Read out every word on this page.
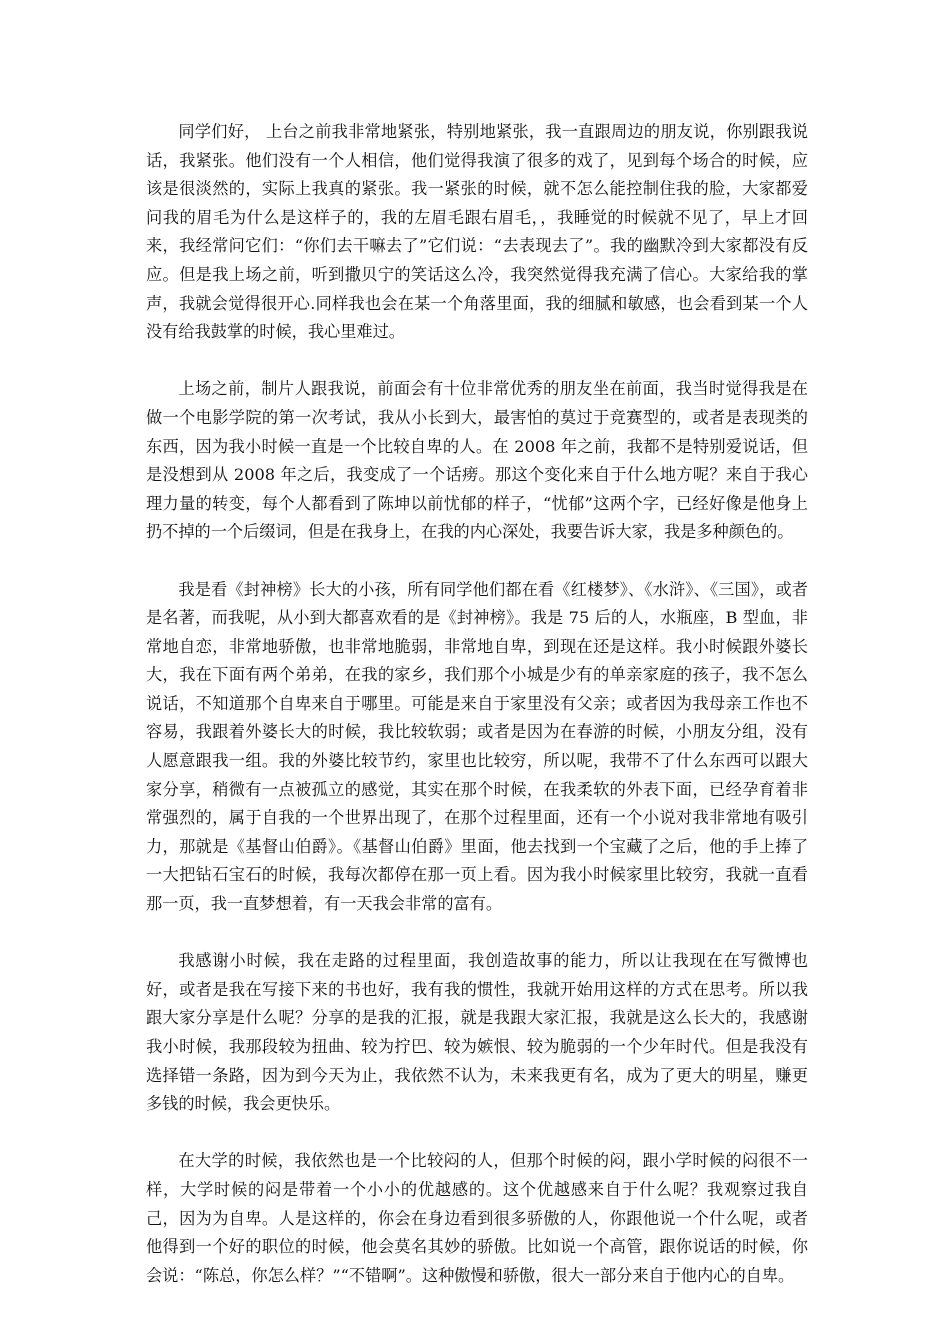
同学们好， 上台之前我非常地紧张，特别地紧张，我一直跟周边的朋友说，你别跟我说话，我紧张。他们没有一个人相信，他们觉得我演了很多的戏了，见到每个场合的时候，应该是很淡然的，实际上我真的紧张。我一紧张的时候，就不怎么能控制住我的脸，大家都爱问我的眉毛为什么是这样子的，我的左眉毛跟右眉毛，，我睡觉的时候就不见了，早上才回来，我经常问它们：“你们去干嘛去了”它们说：“去表现去了”。我的幽默冷到大家都没有反应。但是我上场之前，听到撒贝宁的笑话这么冷，我突然觉得我充满了信心。大家给我的掌声，我就会觉得很开心.同样我也会在某一个角落里面，我的细腻和敏感，也会看到某一个人没有给我鼓掌的时候，我心里难过。

上场之前，制片人跟我说，前面会有十位非常优秀的朋友坐在前面，我当时觉得我是在做一个电影学院的第一次考试，我从小长到大，最害怕的莫过于竞赛型的，或者是表现类的东西，因为我小时候一直是一个比较自卑的人。在 2008 年之前，我都不是特别爱说话，但是没想到从 2008 年之后，我变成了一个话痨。那这个变化来自于什么地方呢？来自于我心理力量的转变，每个人都看到了陈坤以前忧郁的样子，“忧郁”这两个字，已经好像是他身上扔不掉的一个后缀词，但是在我身上，在我的内心深处，我要告诉大家，我是多种颜色的。

我是看《封神榜》长大的小孩，所有同学他们都在看《红楼梦》、《水浒》、《三国》，或者是名著，而我呢，从小到大都喜欢看的是《封神榜》。我是 75 后的人，水瓶座，B 型血，非常地自恋，非常地骄傲，也非常地脆弱，非常地自卑，到现在还是这样。我小时候跟外婆长大，我在下面有两个弟弟，在我的家乡，我们那个小城是少有的单亲家庭的孩子，我不怎么说话，不知道那个自卑来自于哪里。可能是来自于家里没有父亲；或者因为我母亲工作也不容易，我跟着外婆长大的时候，我比较软弱；或者是因为在春游的时候，小朋友分组，没有人愿意跟我一组。我的外婆比较节约，家里也比较穷，所以呢，我带不了什么东西可以跟大家分享，稍微有一点被孤立的感觉，其实在那个时候，在我柔软的外表下面，已经孕育着非常强烈的，属于自我的一个世界出现了，在那个过程里面，还有一个小说对我非常地有吸引力，那就是《基督山伯爵》。《基督山伯爵》里面，他去找到一个宝藏了之后，他的手上捧了一大把钻石宝石的时候，我每次都停在那一页上看。因为我小时候家里比较穷，我就一直看那一页，我一直梦想着，有一天我会非常的富有。

我感谢小时候，我在走路的过程里面，我创造故事的能力，所以让我现在在写微博也好，或者是我在写接下来的书也好，我有我的惯性，我就开始用这样的方式在思考。所以我跟大家分享是什么呢？分享的是我的汇报，就是我跟大家汇报，我就是这么长大的，我感谢我小时候，我那段较为扭曲、较为拧巴、较为嫉恨、较为脆弱的一个少年时代。但是我没有选择错一条路，因为到今天为止，我依然不认为，未来我更有名，成为了更大的明星，赚更多钱的时候，我会更快乐。

在大学的时候，我依然也是一个比较闷的人，但那个时候的闷，跟小学时候的闷很不一样，大学时候的闷是带着一个小小的优越感的。这个优越感来自于什么呢？我观察过我自己，因为为自卑。人是这样的，你会在身边看到很多骄傲的人，你跟他说一个什么呢，或者他得到一个好的职位的时候，他会莫名其妙的骄傲。比如说一个高管，跟你说话的时候，你会说：“陈总，你怎么样？”“不错啊”。这种傲慢和骄傲，很大一部分来自于他内心的自卑。
